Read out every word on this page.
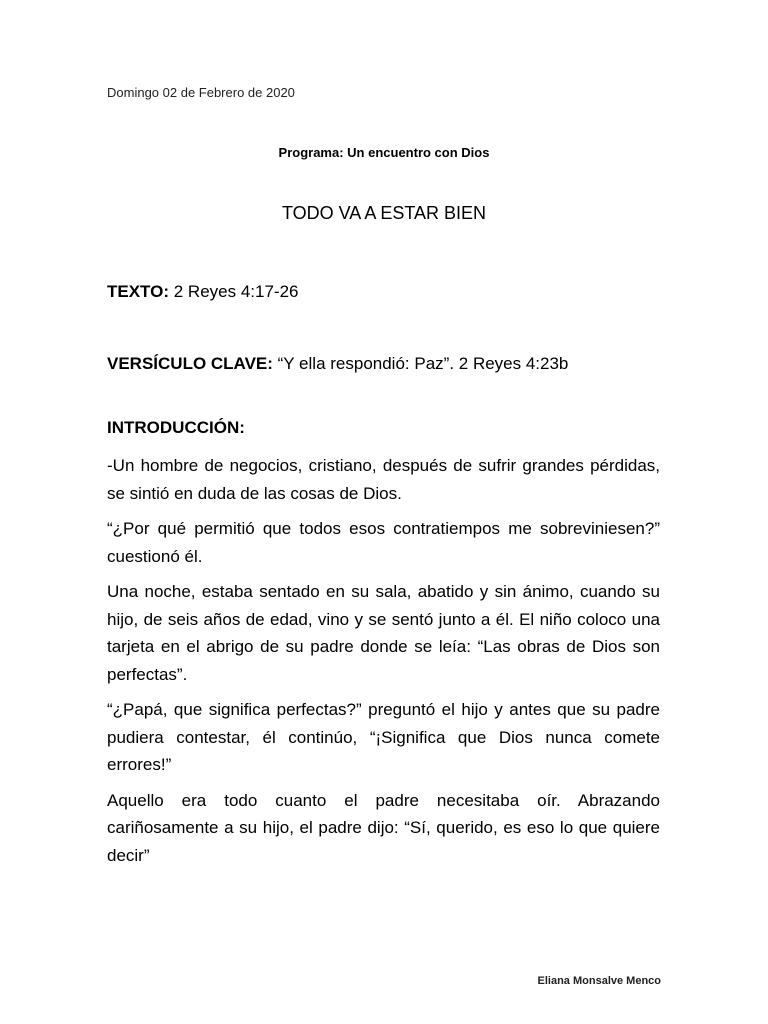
Domingo 02 de Febrero de 2020
Programa: Un encuentro con Dios
TODO VA A ESTAR BIEN
TEXTO: 2 Reyes 4:17-26
VERSÍCULO CLAVE: “Y ella respondió: Paz”. 2 Reyes 4:23b
INTRODUCCIÓN:

-Un hombre de negocios, cristiano, después de sufrir grandes pérdidas, se sintió en duda de las cosas de Dios.

“¿Por qué permitió que todos esos contratiempos me sobreviniesen?” cuestionó él.

Una noche, estaba sentado en su sala, abatido y sin ánimo, cuando su hijo, de seis años de edad, vino y se sentó junto a él. El niño coloco una tarjeta en el abrigo de su padre donde se leía: “Las obras de Dios son perfectas”.

“¿Papá, que significa perfectas?” preguntó el hijo y antes que su padre pudiera contestar, él continúo, “¡Significa que Dios nunca comete errores!”

Aquello era todo cuanto el padre necesitaba oír. Abrazando cariñosamente a su hijo, el padre dijo: “Sí, querido, es eso lo que quiere decir”

Eliana Monsalve Menco
